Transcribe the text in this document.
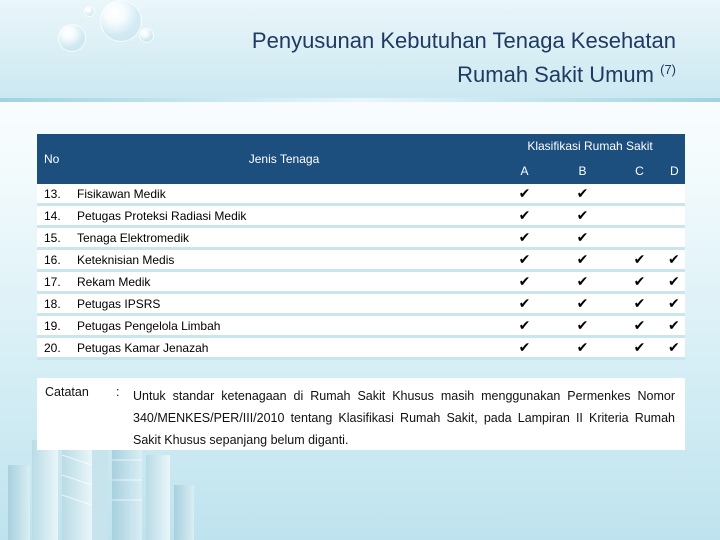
Penyusunan Kebutuhan Tenaga Kesehatan
Rumah Sakit Umum $^{(7)}$
No	Jenis Tenaga	Klasifikasi Rumah Sakit			
		A	B	C	D
13.	Fisikawan Medik	✔	✔		
14.	Petugas Proteksi Radiasi Medik	✔	✔		
15.	Tenaga Elektromedik	✔	✔		
16.	Keteknisian Medis	✔	✔	✔	✔
17.	Rekam Medik	✔	✔	✔	✔
18.	Petugas IPSRS	✔	✔	✔	✔
19.	Petugas Pengelola Limbah	✔	✔	✔	✔
20.	Petugas Kamar Jenazah	✔	✔	✔	✔
Catatan : Untuk standar ketenagaan di Rumah Sakit Khusus masih menggunakan Permenkes Nomor 340/MENKES/PER/III/2010 tentang Klasifikasi Rumah Sakit, pada Lampiran II Kriteria Rumah Sakit Khusus sepanjang belum diganti.
